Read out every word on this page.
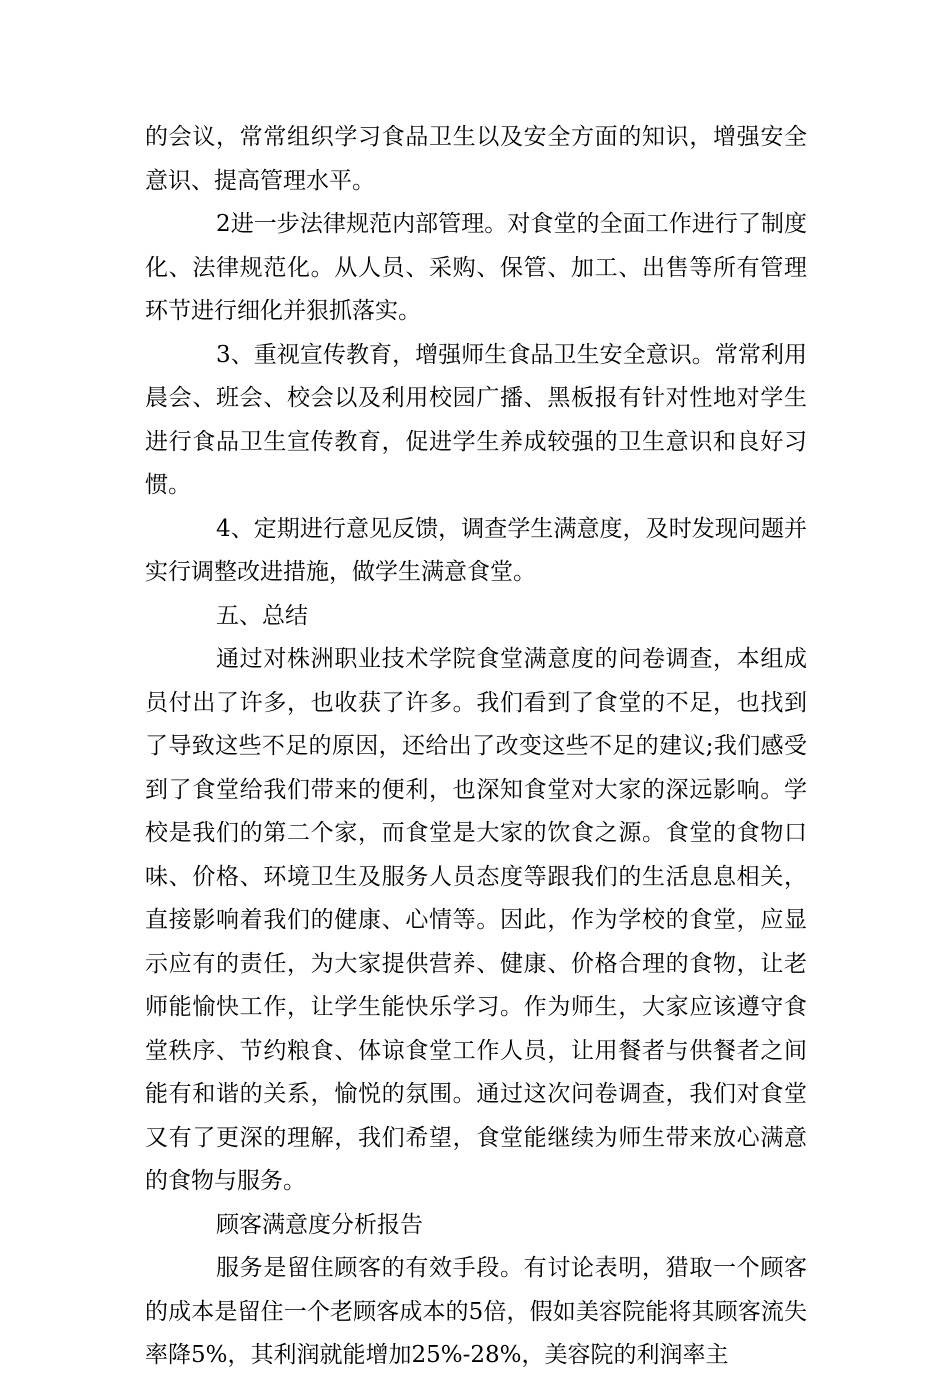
的会议，常常组织学习食品卫生以及安全方面的知识，增强安全意识、提高管理水平。

2进一步法律规范内部管理。对食堂的全面工作进行了制度化、法律规范化。从人员、采购、保管、加工、出售等所有管理环节进行细化并狠抓落实。

3、重视宣传教育，增强师生食品卫生安全意识。常常利用晨会、班会、校会以及利用校园广播、黑板报有针对性地对学生进行食品卫生宣传教育，促进学生养成较强的卫生意识和良好习惯。

4、定期进行意见反馈，调查学生满意度，及时发现问题并实行调整改进措施，做学生满意食堂。

五、总结

通过对株洲职业技术学院食堂满意度的问卷调查，本组成员付出了许多，也收获了许多。我们看到了食堂的不足，也找到了导致这些不足的原因，还给出了改变这些不足的建议;我们感受到了食堂给我们带来的便利，也深知食堂对大家的深远影响。学校是我们的第二个家，而食堂是大家的饮食之源。食堂的食物口味、价格、环境卫生及服务人员态度等跟我们的生活息息相关，直接影响着我们的健康、心情等。因此，作为学校的食堂，应显示应有的责任，为大家提供营养、健康、价格合理的食物，让老师能愉快工作，让学生能快乐学习。作为师生，大家应该遵守食堂秩序、节约粮食、体谅食堂工作人员，让用餐者与供餐者之间能有和谐的关系，愉悦的氛围。通过这次问卷调查，我们对食堂又有了更深的理解，我们希望，食堂能继续为师生带来放心满意的食物与服务。

顾客满意度分析报告

服务是留住顾客的有效手段。有讨论表明，猎取一个顾客的成本是留住一个老顾客成本的5倍，假如美容院能将其顾客流失率降5%，其利润就能增加25%-28%，美容院的利润率主
